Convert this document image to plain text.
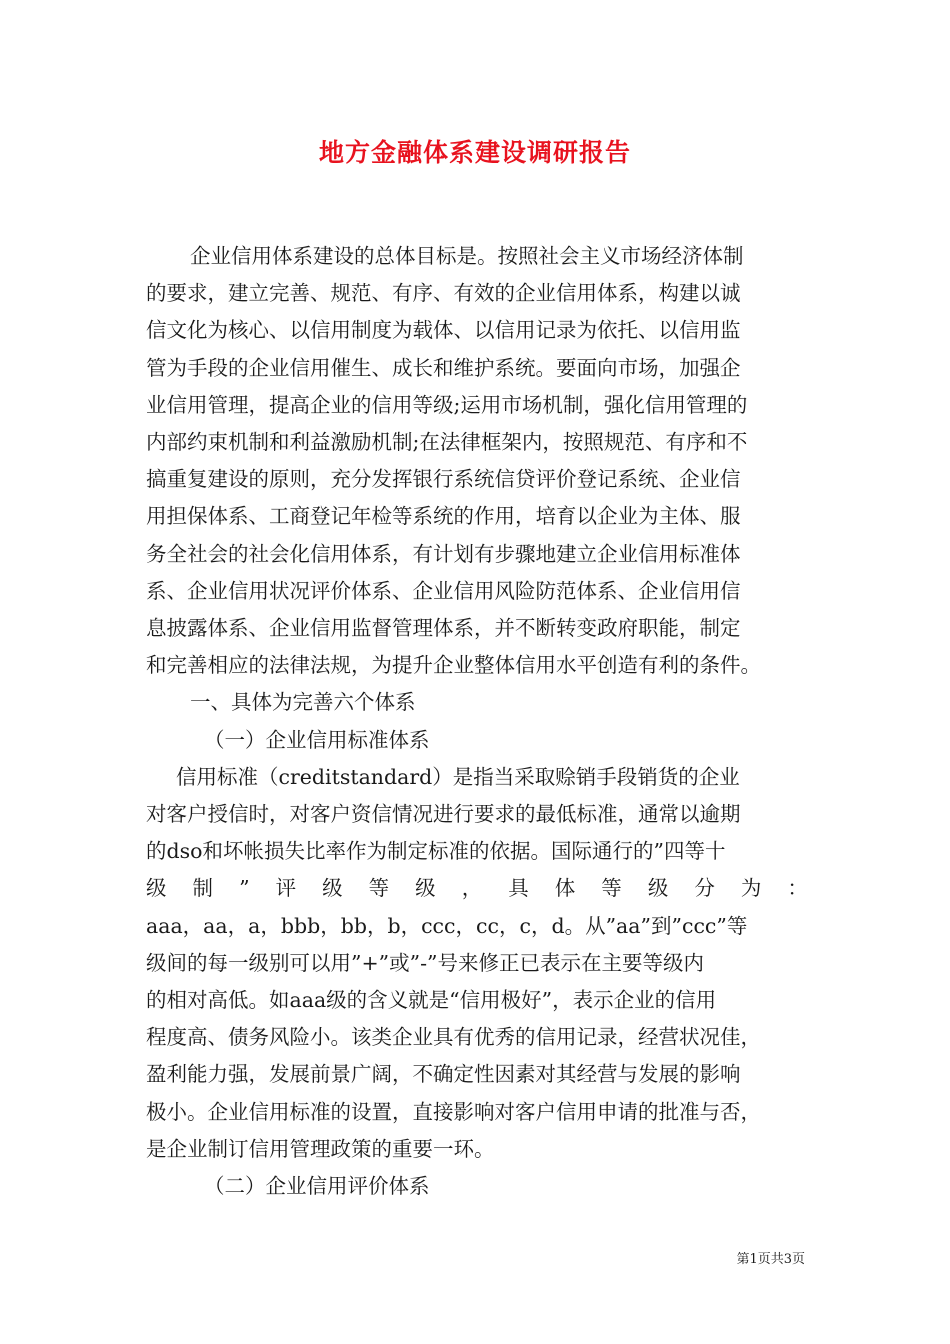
地方金融体系建设调研报告
企业信用体系建设的总体目标是。按照社会主义市场经济体制
的要求，建立完善、规范、有序、有效的企业信用体系，构建以诚
信文化为核心、以信用制度为载体、以信用记录为依托、以信用监
管为手段的企业信用催生、成长和维护系统。要面向市场，加强企
业信用管理，提高企业的信用等级;运用市场机制，强化信用管理的
内部约束机制和利益激励机制;在法律框架内，按照规范、有序和不
搞重复建设的原则，充分发挥银行系统信贷评价登记系统、企业信
用担保体系、工商登记年检等系统的作用，培育以企业为主体、服
务全社会的社会化信用体系，有计划有步骤地建立企业信用标准体
系、企业信用状况评价体系、企业信用风险防范体系、企业信用信
息披露体系、企业信用监督管理体系，并不断转变政府职能，制定
和完善相应的法律法规，为提升企业整体信用水平创造有利的条件。
一、具体为完善六个体系
（一）企业信用标准体系
信用标准（creditstandard）是指当采取赊销手段销货的企业
对客户授信时，对客户资信情况进行要求的最低标准，通常以逾期
的dso和坏帐损失比率作为制定标准的依据。国际通行的”四等十
级 制 ” 评 级 等 级 ， 具 体 等 级 分 为 ：
aaa，aa，a，bbb，bb，b，ccc，cc，c，d。从”aa”到”ccc”等
级间的每一级别可以用”+”或”-”号来修正已表示在主要等级内
的相对高低。如aaa级的含义就是“信用极好”，表示企业的信用
程度高、债务风险小。该类企业具有优秀的信用记录，经营状况佳，
盈利能力强，发展前景广阔，不确定性因素对其经营与发展的影响
极小。企业信用标准的设置，直接影响对客户信用申请的批准与否，
是企业制订信用管理政策的重要一环。
（二）企业信用评价体系
第1页共3页
